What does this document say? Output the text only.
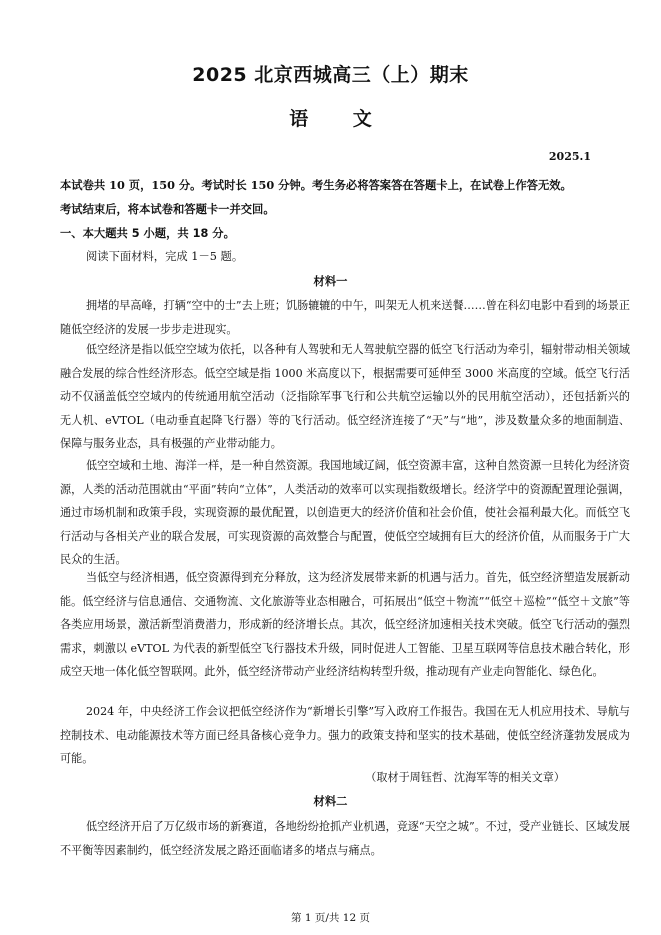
2025 北京西城高三（上）期末
语 文
2025.1
本试卷共 10 页，150 分。考试时长 150 分钟。考生务必将答案答在答题卡上，在试卷上作答无效。
考试结束后，将本试卷和答题卡一并交回。
一、本大题共 5 小题，共 18 分。
阅读下面材料，完成 1－5 题。
材料一
拥堵的早高峰，打辆“空中的士”去上班；饥肠辘辘的中午，叫架无人机来送餐……曾在科幻电影中看到的场景正随低空经济的发展一步步走进现实。
低空经济是指以低空空域为依托，以各种有人驾驶和无人驾驶航空器的低空飞行活动为牵引，辐射带动相关领域融合发展的综合性经济形态。低空空域是指 1000 米高度以下，根据需要可延伸至 3000 米高度的空域。低空飞行活动不仅涵盖低空空域内的传统通用航空活动（泛指除军事飞行和公共航空运输以外的民用航空活动），还包括新兴的无人机、eVTOL（电动垂直起降飞行器）等的飞行活动。低空经济连接了“天”与“地”，涉及数量众多的地面制造、保障与服务业态，具有极强的产业带动能力。
低空空域和土地、海洋一样，是一种自然资源。我国地域辽阔，低空资源丰富，这种自然资源一旦转化为经济资源，人类的活动范围就由“平面”转向“立体”，人类活动的效率可以实现指数级增长。经济学中的资源配置理论强调，通过市场机制和政策手段，实现资源的最优配置，以创造更大的经济价值和社会价值，使社会福利最大化。而低空飞行活动与各相关产业的联合发展，可实现资源的高效整合与配置，使低空空域拥有巨大的经济价值，从而服务于广大民众的生活。
当低空与经济相遇，低空资源得到充分释放，这为经济发展带来新的机遇与活力。首先，低空经济塑造发展新动能。低空经济与信息通信、交通物流、文化旅游等业态相融合，可拓展出“低空＋物流”“低空＋巡检”“低空＋文旅”等各类应用场景，激活新型消费潜力，形成新的经济增长点。其次，低空经济加速相关技术突破。低空飞行活动的强烈需求，刺激以 eVTOL 为代表的新型低空飞行器技术升级，同时促进人工智能、卫星互联网等信息技术融合转化，形成空天地一体化低空智联网。此外，低空经济带动产业经济结构转型升级，推动现有产业走向智能化、绿色化。
2024 年，中央经济工作会议把低空经济作为“新增长引擎”写入政府工作报告。我国在无人机应用技术、导航与控制技术、电动能源技术等方面已经具备核心竞争力。强力的政策支持和坚实的技术基础，使低空经济蓬勃发展成为可能。
（取材于周钰哲、沈海军等的相关文章）
材料二
低空经济开启了万亿级市场的新赛道，各地纷纷抢抓产业机遇，竞逐“天空之城”。不过，受产业链长、区域发展不平衡等因素制约，低空经济发展之路还面临诸多的堵点与痛点。
第 1 页/共 12 页
